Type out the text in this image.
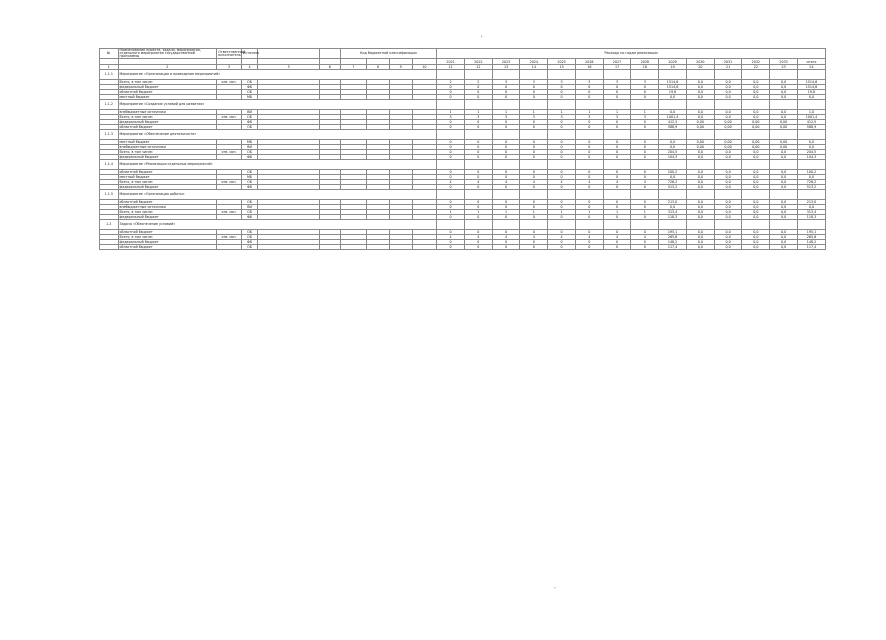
'
№	Наименование проекта, задачи, мероприятия, отдельного мероприятия государственной программы	Ответственный исполнитель	Источник			Код бюджетной классификации				Расходы по годам реализации													
										2021	2022	2023	2024	2025	2026	2027	2028	2029	2030	2031	2032	2033	итого
1	2	3	4	5	6	7	8	9	10	11	12	13	14	15	16	17	18	19	20	21	22	23	24
1.1.1	Мероприятие «Организация и проведение мероприятий»																						
	Всего, в том числе:	отв. исп.	ОБ							2	2	3	3	3	3	3	3	1514,6	0,0	0,0	0,0	0,0	1514,6
	федеральный бюджет		ФБ							0	0	0	0	0	0	0	0	1514,6	0,0	0,0	0,0	0,0	1514,6
	областной бюджет		ОБ							0	0	0	0	0	0	0	0	19,8	0,0	0,0	0,0	0,0	19,8
	местный бюджет		МБ							0	0	0	0	0	0	0	0	0,0	0,0	0,0	0,0	0,0	0,0
1.1.2	Мероприятие «Создание условий для развития»																						
	внебюджетные источники		ВИ							1	1	1	1	1	1	1	1	0,0	0,0	0,0	0,0	0,0	1,0
	Всего, в том числе:	отв. исп.	ОБ							3	3	3	3	3	3	3	3	1001,4	0,0	0,0	0,0	0,0	1001,4
	федеральный бюджет		ФБ							0	0	0	0	0	0	0	0	412,5	0,00	0,00	0,00	0,00	412,5
	областной бюджет		ОБ							0	0	0	0	0	0	0	0	588,9	0,00	0,00	0,00	0,00	588,9
1.1.3	Мероприятие «Обеспечение деятельности»																						
	местный бюджет		МБ							0	0	0	0	0	0	0	0	0,0	0,00	0,00	0,00	0,00	0,0
	внебюджетные источники		ВИ							0	0	0	0	0	0	0	0	0,0	0,00	0,00	0,00	0,00	0,0
	Всего, в том числе:	отв. исп.	ОБ							0	0	0	0	0	0	0	0	204,5	0,0	0,0	0,0	0,0	204,5
	федеральный бюджет		ФБ							0	0	0	0	0	0	0	0	104,3	0,0	0,0	0,0	0,0	104,3
1.1.4	Мероприятие «Реализация отдельных мероприятий»																						
	областной бюджет		ОБ							0	0	0	0	0	0	0	0	100,2	0,0	0,0	0,0	0,0	100,2
	местный бюджет		МБ							0	0	0	0	0	0	0	0	0,0	0,0	0,0	0,0	0,0	0,0
	Всего, в том числе:	отв. исп.	ОБ							4	4	4	4	4	4	4	4	726,2	0,0	0,0	0,0	0,0	726,2
	федеральный бюджет		ФБ							0	0	0	0	0	0	0	0	513,2	0,0	0,0	0,0	0,0	513,2
1.1.5	Мероприятие «Организация работы»																						
	областной бюджет		ОБ							0	0	0	0	0	0	0	0	213,0	0,0	0,0	0,0	0,0	213,0
	внебюджетные источники		ВИ							0	0	0	0	0	0	0	0	0,0	0,0	0,0	0,0	0,0	0,0
	Всего, в том числе:	отв. исп.	ОБ							1	1	1	1	1	1	1	1	313,4	0,0	0,0	0,0	0,0	313,4
	федеральный бюджет		ФБ							0	0	0	0	0	0	0	0	118,3	0,0	0,0	0,0	0,0	118,3
1.2	Задача «Обеспечение условий»																						
	областной бюджет		ОБ							0	0	0	0	0	0	0	0	195,1	0,0	0,0	0,0	0,0	195,1
	Всего, в том числе:	отв. исп.	ОБ							4	4	4	4	4	4	4	4	265,6	0,0	0,0	0,0	0,0	265,6
	федеральный бюджет		ФБ							0	0	0	0	0	0	0	0	148,2	0,0	0,0	0,0	0,0	148,2
	областной бюджет		ОБ							0	0	0	0	0	0	0	0	117,4	0,0	0,0	0,0	0,0	117,4
,
